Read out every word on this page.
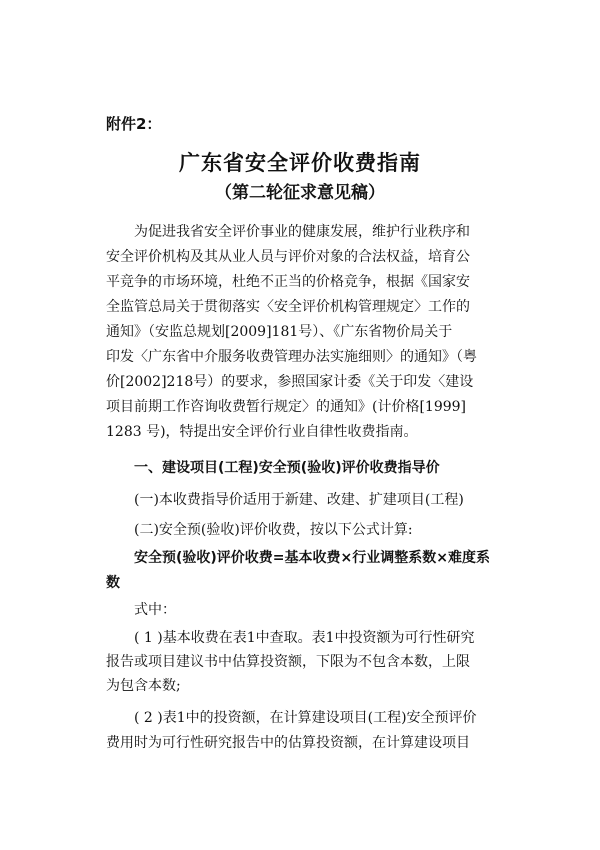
附件2：
广东省安全评价收费指南
（第二轮征求意见稿）
为促进我省安全评价事业的健康发展，维护行业秩序和
安全评价机构及其从业人员与评价对象的合法权益，培育公
平竞争的市场环境，杜绝不正当的价格竞争，根据《国家安
全监管总局关于贯彻落实〈安全评价机构管理规定〉工作的
通知》（安监总规划[2009]181号）、《广东省物价局关于
印发〈广东省中介服务收费管理办法实施细则〉的通知》（粤
价[2002]218号）的要求，参照国家计委《关于印发〈建设
项目前期工作咨询收费暂行规定〉的通知》(计价格[1999]
1283 号)，特提出安全评价行业自律性收费指南。
一、建设项目(工程)安全预(验收)评价收费指导价
(一)本收费指导价适用于新建、改建、扩建项目(工程)
(二)安全预(验收)评价收费，按以下公式计算:
安全预(验收)评价收费=基本收费×行业调整系数×难度系
数
式中：
( 1 )基本收费在表1中查取。表1中投资额为可行性研究
报告或项目建议书中估算投资额，下限为不包含本数，上限
为包含本数;
( 2 )表1中的投资额，在计算建设项目(工程)安全预评价
费用时为可行性研究报告中的估算投资额，在计算建设项目
